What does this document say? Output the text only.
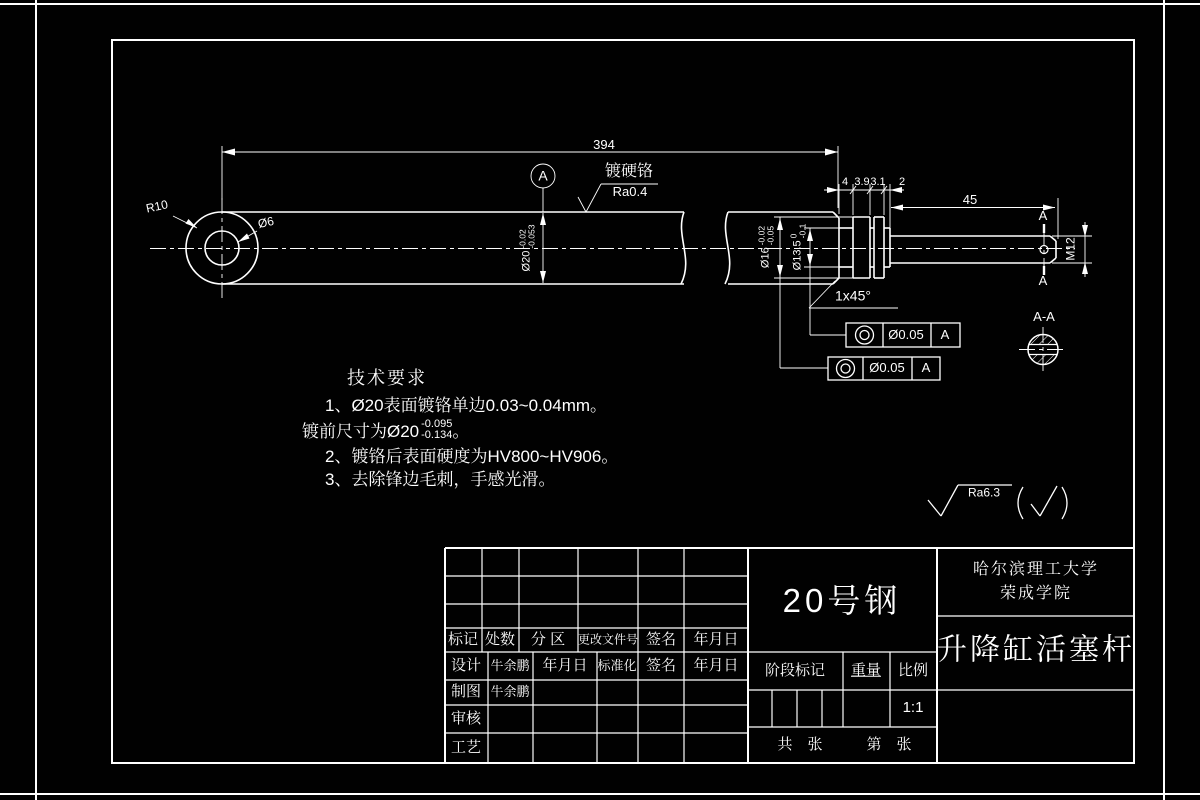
394
R10
Ø6
镀硬铬
Ra0.4
A
Ø20
-0.02
-0.053
4 3.9 3.1 2
45
Ø16
-0.02
-0.05
Ø13.5
0
-0.1
M12
1x45°
A
A
A-A
Ø0.05 A
Ø0.05 A
Ra6.3
技术要求
1、Ø20表面镀铬单边0.03~0.04mm。
镀前尺寸为Ø20 -0.095
-0.134 。
2、镀铬后表面硬度为HV800~HV906。
3、去除锋边毛刺，手感光滑。
标记 处数 分 区 更改文件号 签名 年月日
设计 牛余鹏 年月日 标准化 签名 年月日
制图 牛余鹏
审核
工艺
20号钢
阶段标记 重量 比例
1:1
共　张	第　张
哈尔滨理工大学
荣成学院
升降缸活塞杆
